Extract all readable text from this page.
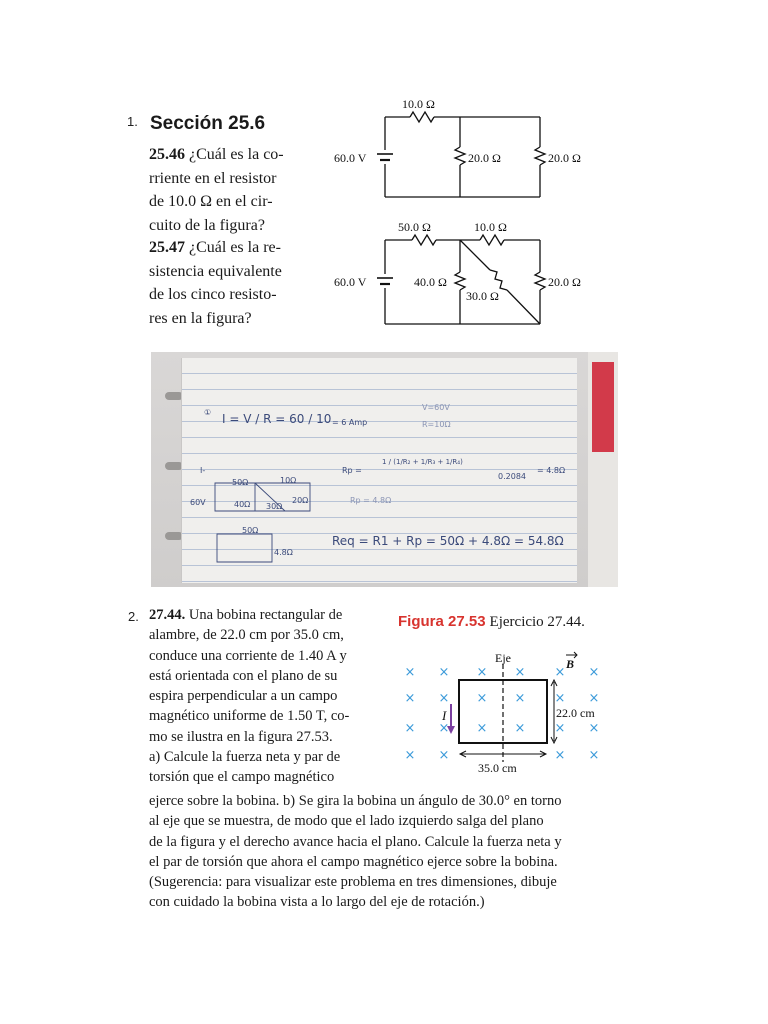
1. Sección 25.6
25.46 ¿Cuál es la co-
rriente en el resistor
de 10.0 Ω en el cir-
cuito de la figura?
25.47 ¿Cuál es la re-
sistencia equivalente
de los cinco resisto-
res en la figura?
10.0 Ω
60.0 V	20.0 Ω	20.0 Ω
50.0 Ω	10.0 Ω
60.0 V	40.0 Ω
30.0 Ω
20.0 Ω
① I = V / R = 60 / 10 = 6 Amp
V=60V
R=10Ω
I-
50Ω	10Ω
40Ω 30Ω
20Ω
60V
Rp =
1 / (1/R₂ + 1/R₃ + 1/R₄)
0.2084
= 4.8Ω
Rp = 4.8Ω
50Ω
4.8Ω
Req = R1 + Rp = 50Ω + 4.8Ω = 54.8Ω
2. 27.44. Una bobina rectangular de
alambre, de 22.0 cm por 35.0 cm,
conduce una corriente de 1.40 A y
está orientada con el plano de su
espira perpendicular a un campo
magnético uniforme de 1.50 T, co-
mo se ilustra en la figura 27.53.
a) Calcule la fuerza neta y par de
torsión que el campo magnético
ejerce sobre la bobina. b) Se gira la bobina un ángulo de 30.0° en torno
al eje que se muestra, de modo que el lado izquierdo salga del plano
de la figura y el derecho avance hacia el plano. Calcule la fuerza neta y
el par de torsión que ahora el campo magnético ejerce sobre la bobina.
(Sugerencia: para visualizar este problema en tres dimensiones, dibuje
con cuidado la bobina vista a lo largo del eje de rotación.)
Figura 27.53 Ejercicio 27.44.
× × × × × ×
× × × × × ×
× × × × × ×
× ×	× ×
Eje	B
I	22.0 cm
35.0 cm
